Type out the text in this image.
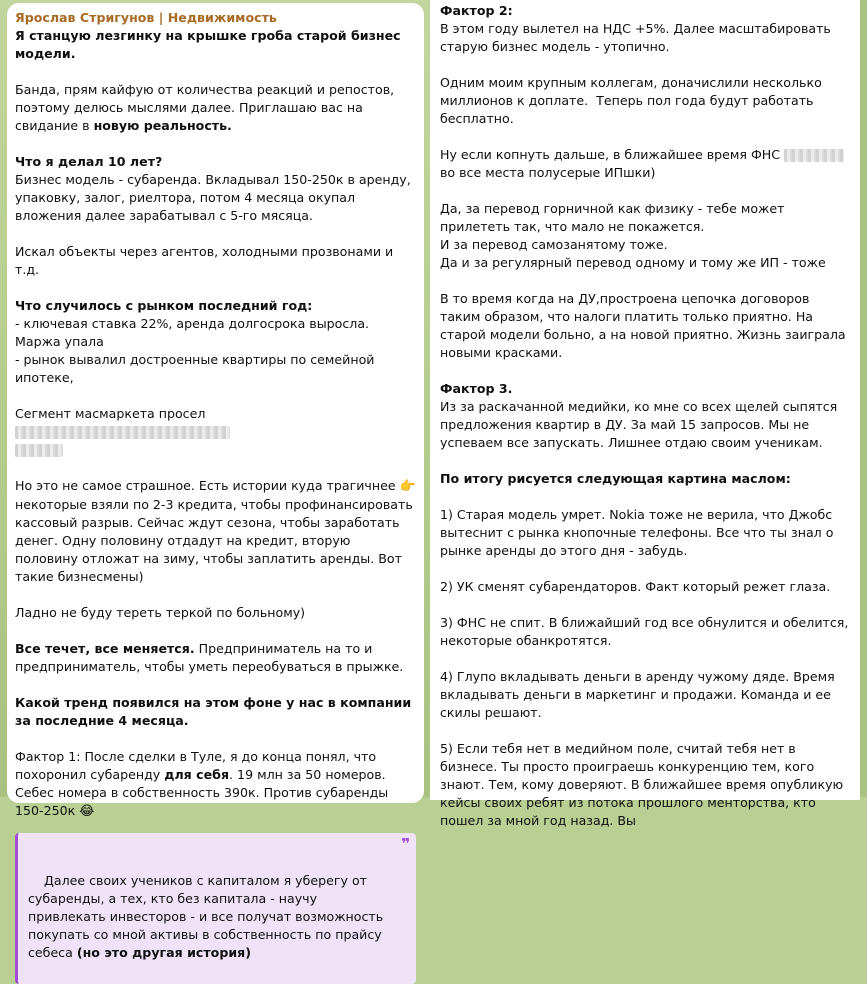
Ярослав Стригунов | Недвижимость

Я станцую лезгинку на крышке гроба старой бизнес модели.

Банда, прям кайфую от количества реакций и репостов, поэтому делюсь мыслями далее. Приглашаю вас на свидание в новую реальность.

Что я делал 10 лет?

Бизнес модель - субаренда. Вкладывал 150-250к в аренду, упаковку, залог, риелтора, потом 4 месяца окупал вложения далее зарабатывал с 5-го мясяца.

Искал объекты через агентов, холодными прозвонами и т.д.

Что случилось с рынком последний год:

- ключевая ставка 22%, аренда долгосрока выросла. Маржа упала
- рынок вывалил достроенные квартиры по семейной ипотеке,

Сегмент масмаркета просел

Но это не самое страшное. Есть истории куда трагичнее 👉 некоторые взяли по 2-3 кредита, чтобы профинансировать кассовый разрыв. Сейчас ждут сезона, чтобы заработать денег. Одну половину отдадут на кредит, вторую половину отложат на зиму, чтобы заплатить аренды. Вот такие бизнесмены)

Ладно не буду тереть теркой по больному)

Все течет, все меняется. Предприниматель на то и предприниматель, чтобы уметь переобуваться в прыжке.

Какой тренд появился на этом фоне у нас в компании за последние 4 месяца.

Фактор 1: После сделки в Туле, я до конца понял, что похоронил субаренду для себя. 19 млн за 50 номеров. Себес номера в собственность 390к. Против субаренды 150-250к 😂

❞

Далее своих учеников с капиталом я уберегу от субаренды, а тех, кто без капитала - научу привлекать инвесторов - и все получат возможность покупать со мной активы в собственность по прайсу себеса (но это другая история)

Фактор 2:

В этом году вылетел на НДС +5%. Далее масштабировать старую бизнес модель - утопично.

Одним моим крупным коллегам, доначислили несколько миллионов к доплате.  Теперь пол года будут работать бесплатно.

Ну если копнуть дальше, в ближайшее время ФНСво все места полусерые ИПшки)

Да, за перевод горничной как физику - тебе может прилететь так, что мало не покажется.
И за перевод самозанятому тоже.
Да и за регулярный перевод одному и тому же ИП - тоже

В то время когда на ДУ,простроена цепочка договоров таким образом, что налоги платить только приятно. На старой модели больно, а на новой приятно. Жизнь заиграла новыми красками.

Фактор 3.

Из за раскачанной медийки, ко мне со всех щелей сыпятся предложения квартир в ДУ. За май 15 запросов. Мы не успеваем все запускать. Лишнее отдаю своим ученикам.

По итогу рисуется следующая картина маслом:

1) Старая модель умрет. Nokia тоже не верила, что Джобс вытеснит с рынка кнопочные телефоны. Все что ты знал о рынке аренды до этого дня - забудь.

2) УК сменят субарендаторов. Факт который режет глаза.

3) ФНС не спит. В ближайший год все обнулится и обелится, некоторые обанкротятся.

4) Глупо вкладывать деньги в аренду чужому дяде. Время вкладывать деньги в маркетинг и продажи. Команда и ее скилы решают.

5) Если тебя нет в медийном поле, считай тебя нет в бизнесе. Ты просто проиграешь конкуренцию тем, кого знают. Тем, кому доверяют. В ближайшее время опубликую кейсы своих ребят из потока прошлого менторства, кто пошел за мной год назад. Вы
